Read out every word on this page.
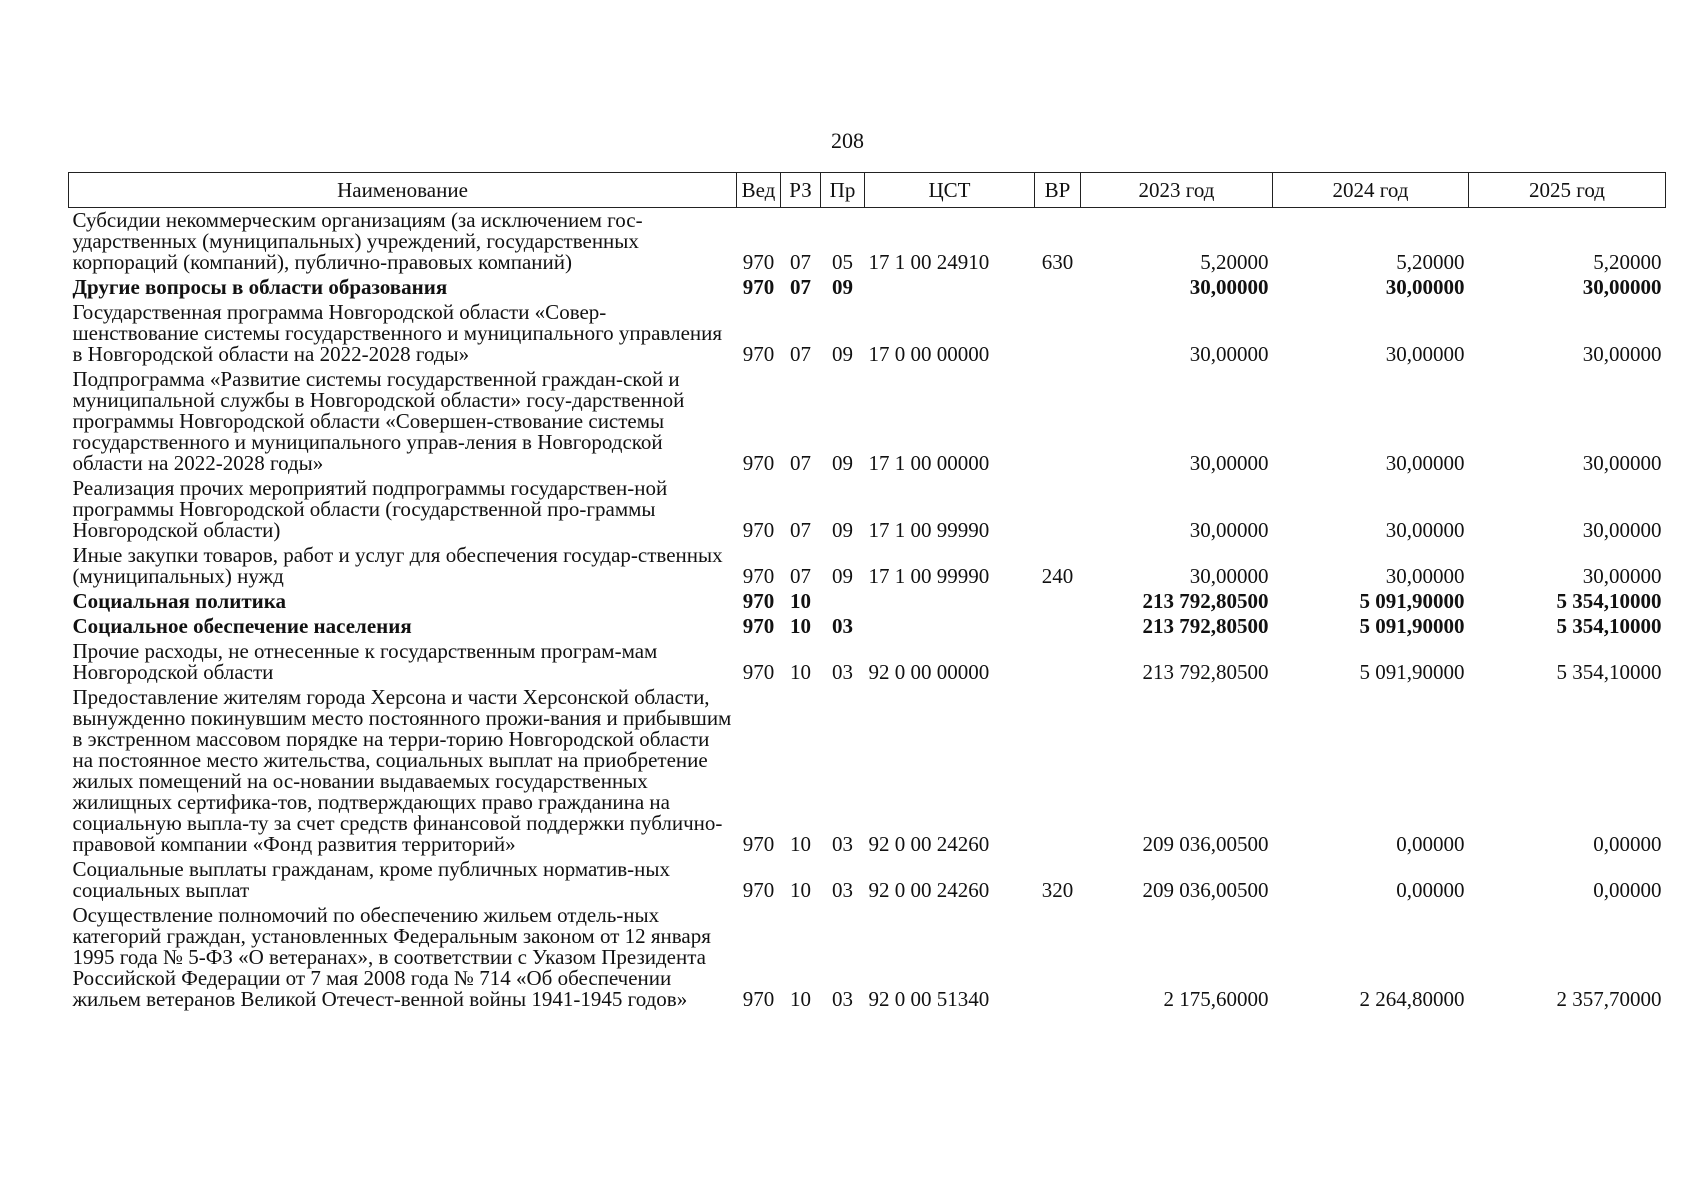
208
Наименование	Вед	РЗ	Пр	ЦСТ	ВР	2023 год	2024 год	2025 год
Субсидии некоммерческим организациям (за исключением гос-ударственных (муниципальных) учреждений, государственных корпораций (компаний), публично-правовых компаний)	970	07	05	17 1 00 24910	630	5,20000	5,20000	5,20000
Другие вопросы в области образования	970	07	09			30,00000	30,00000	30,00000
Государственная программа Новгородской области «Совер-шенствование системы государственного и муниципального управления в Новгородской области на 2022-2028 годы»	970	07	09	17 0 00 00000		30,00000	30,00000	30,00000
Подпрограмма «Развитие системы государственной граждан-ской и муниципальной службы в Новгородской области» госу-дарственной программы Новгородской области «Совершен-ствование системы государственного и муниципального управ-ления в Новгородской области на 2022-2028 годы»	970	07	09	17 1 00 00000		30,00000	30,00000	30,00000
Реализация прочих мероприятий подпрограммы государствен-ной программы Новгородской области (государственной про-граммы Новгородской области)	970	07	09	17 1 00 99990		30,00000	30,00000	30,00000
Иные закупки товаров, работ и услуг для обеспечения государ-ственных (муниципальных) нужд	970	07	09	17 1 00 99990	240	30,00000	30,00000	30,00000
Социальная политика	970	10				213 792,80500	5 091,90000	5 354,10000
Социальное обеспечение населения	970	10	03			213 792,80500	5 091,90000	5 354,10000
Прочие расходы, не отнесенные к государственным програм-мам Новгородской области	970	10	03	92 0 00 00000		213 792,80500	5 091,90000	5 354,10000
Предоставление жителям города Херсона и части Херсонской области, вынужденно покинувшим место постоянного прожи-вания и прибывшим в экстренном массовом порядке на терри-торию Новгородской области на постоянное место жительства, социальных выплат на приобретение жилых помещений на ос-новании выдаваемых государственных жилищных сертифика-тов, подтверждающих право гражданина на социальную выпла-ту за счет средств финансовой поддержки публично-правовой компании «Фонд развития территорий»	970	10	03	92 0 00 24260		209 036,00500	0,00000	0,00000
Социальные выплаты гражданам, кроме публичных норматив-ных социальных выплат	970	10	03	92 0 00 24260	320	209 036,00500	0,00000	0,00000
Осуществление полномочий по обеспечению жильем отдель-ных категорий граждан, установленных Федеральным законом от 12 января 1995 года № 5-ФЗ «О ветеранах», в соответствии с Указом Президента Российской Федерации от 7 мая 2008 года № 714 «Об обеспечении жильем ветеранов Великой Отечест-венной войны 1941-1945 годов»	970	10	03	92 0 00 51340		2 175,60000	2 264,80000	2 357,70000
